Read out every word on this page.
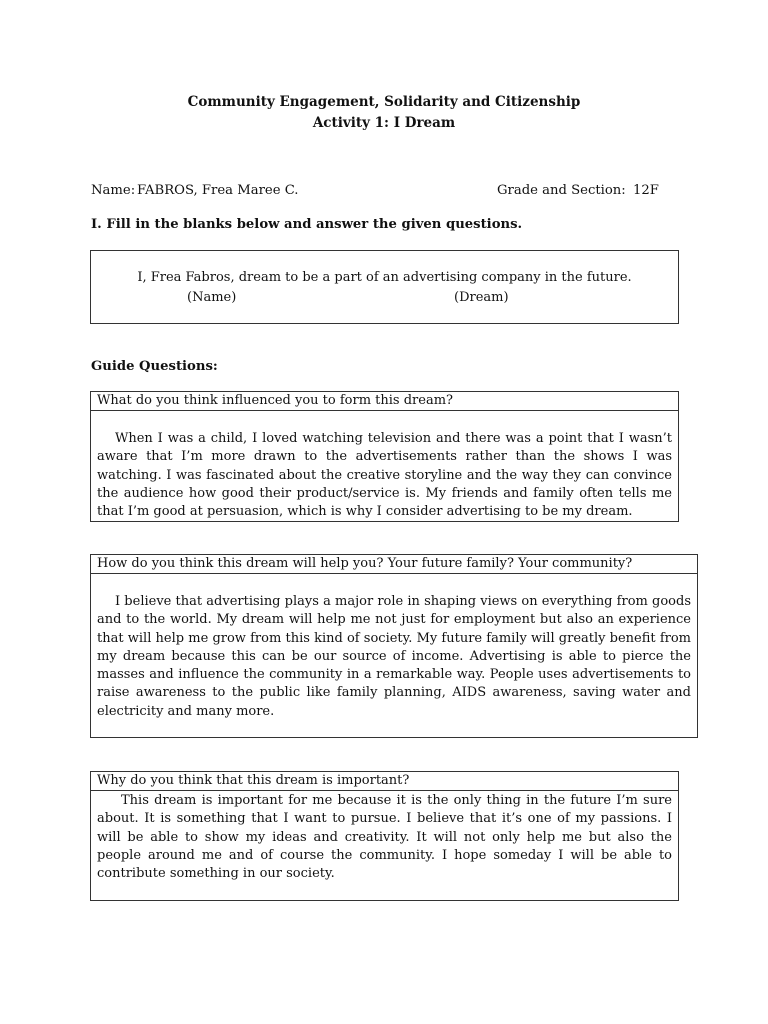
Community Engagement, Solidarity and Citizenship
Activity 1: I Dream
Name: FABROS, Frea Maree C.	Grade and Section: 12F
I. Fill in the blanks below and answer the given questions.
I, Frea Fabros, dream to be a part of an advertising company in the future.
(Name)	(Dream)
Guide Questions:
What do you think influenced you to form this dream?
When I was a child, I loved watching television and there was a point that I wasn’t aware that I’m more drawn to the advertisements rather than the shows I was watching. I was fascinated about the creative storyline and the way they can convince the audience how good their product/service is. My friends and family often tells me that I’m good at persuasion, which is why I consider advertising to be my dream.
How do you think this dream will help you? Your future family? Your community?
I believe that advertising plays a major role in shaping views on everything from goods and to the world. My dream will help me not just for employment but also an experience that will help me grow from this kind of society. My future family will greatly benefit from my dream because this can be our source of income. Advertising is able to pierce the masses and influence the community in a remarkable way. People uses advertisements to raise awareness to the public like family planning, AIDS awareness, saving water and electricity and many more.
Why do you think that this dream is important?
This dream is important for me because it is the only thing in the future I’m sure about. It is something that I want to pursue. I believe that it’s one of my passions. I will be able to show my ideas and creativity. It will not only help me but also the people around me and of course the community. I hope someday I will be able to contribute something in our society.
